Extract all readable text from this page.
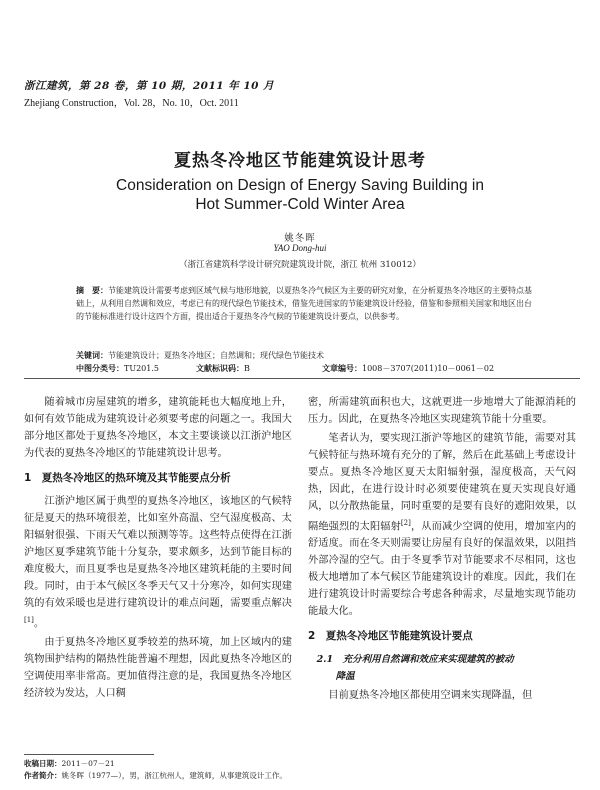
浙江建筑，第 28 卷，第 10 期，2011 年 10 月
Zhejiang Construction，Vol. 28，No. 10，Oct. 2011
夏热冬冷地区节能建筑设计思考
Consideration on Design of Energy Saving Building in
Hot Summer-Cold Winter Area
姚冬晖
YAO Dong-hui
（浙江省建筑科学设计研究院建筑设计院，浙江 杭州 310012）
摘　要：节能建筑设计需要考虑到区域气候与地形地貌，以夏热冬冷气候区为主要的研究对象，在分析夏热冬冷地区的主要特点基础上，从利用自然调和效应，考虑已有的现代绿色节能技术，借鉴先进国家的节能建筑设计经验，借鉴和参照相关国家和地区出台的节能标准进行设计这四个方面，提出适合于夏热冬冷气候的节能建筑设计要点，以供参考。
关键词：节能建筑设计；夏热冬冷地区；自然调和；现代绿色节能技术
中图分类号：TU201.5	文献标识码：B	文章编号：1008－3707(2011)10－0061－02

随着城市房屋建筑的增多，建筑能耗也大幅度地上升，如何有效节能成为建筑设计必须要考虑的问题之一。我国大部分地区都处于夏热冬冷地区，本文主要谈谈以江浙沪地区为代表的夏热冬冷地区的节能建筑设计思考。

1　夏热冬冷地区的热环境及其节能要点分析

江浙沪地区属于典型的夏热冬冷地区，该地区的气候特征是夏天的热环境很差，比如室外高温、空气湿度极高、太阳辐射很强、下雨天气难以预测等等。这些特点使得在江浙沪地区夏季建筑节能十分复杂，要求颇多，达到节能目标的难度极大，而且夏季也是夏热冬冷地区建筑耗能的主要时间段。同时，由于本气候区冬季天气又十分寒冷，如何实现建筑的有效采暖也是进行建筑设计的难点问题，需要重点解决[1]。

由于夏热冬冷地区夏季较差的热环境，加上区域内的建筑物围护结构的隔热性能普遍不理想，因此夏热冬冷地区的空调使用率非常高。更加值得注意的是，我国夏热冬冷地区经济较为发达，人口稠

密，所需建筑面积也大，这就更进一步地增大了能源消耗的压力。因此，在夏热冬冷地区实现建筑节能十分重要。

笔者认为，要实现江浙沪等地区的建筑节能，需要对其气候特征与热环境有充分的了解，然后在此基础上考虑设计要点。夏热冬冷地区夏天太阳辐射强，湿度极高，天气闷热，因此，在进行设计时必须要使建筑在夏天实现良好通风，以分散热能量，同时重要的是要有良好的遮阳效果，以隔绝强烈的太阳辐射[2]，从而减少空调的使用，增加室内的舒适度。而在冬天则需要让房屋有良好的保温效果，以阻挡外部冷湿的空气。由于冬夏季节对节能要求不尽相同，这也极大地增加了本气候区节能建筑设计的难度。因此，我们在进行建筑设计时需要综合考虑各种需求，尽量地实现节能功能最大化。

2　夏热冬冷地区节能建筑设计要点
2.1　充分利用自然调和效应来实现建筑的被动
降温

目前夏热冬冷地区都使用空调来实现降温，但

收稿日期：2011－07－21
作者简介：姚冬晖（1977—），男，浙江杭州人，建筑师，从事建筑设计工作。
